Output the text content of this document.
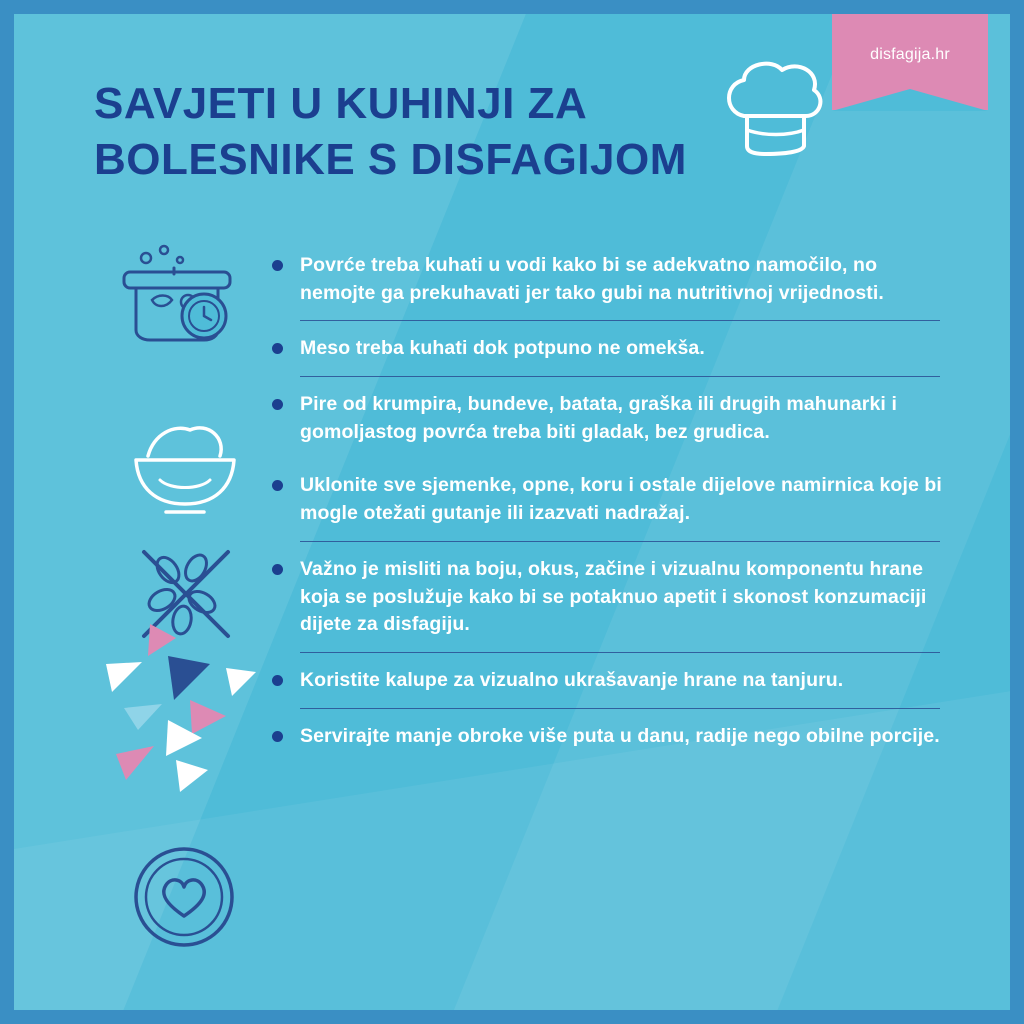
SAVJETI U KUHINJI ZA
BOLESNIKE S DISFAGIJOM
Povrće treba kuhati u vodi kako bi se adekvatno namočilo, no nemojte ga prekuhavati jer tako gubi na nutritivnoj vrijednosti.
Meso treba kuhati dok potpuno ne omekša.
Pire od krumpira, bundeve, batata, graška ili drugih mahunarki i gomoljastog povrća treba biti gladak, bez grudica.
Uklonite sve sjemenke, opne, koru i ostale dijelove namirnica koje bi mogle otežati gutanje ili izazvati nadražaj.
Važno je misliti na boju, okus, začine i vizualnu komponentu hrane koja se poslužuje kako bi se potaknuo apetit i skonost konzumaciji dijete za disfagiju.
Koristite kalupe za vizualno ukrašavanje hrane na tanjuru.
Servirajte manje obroke više puta u danu, radije nego obilne porcije.
disfagija.hr
